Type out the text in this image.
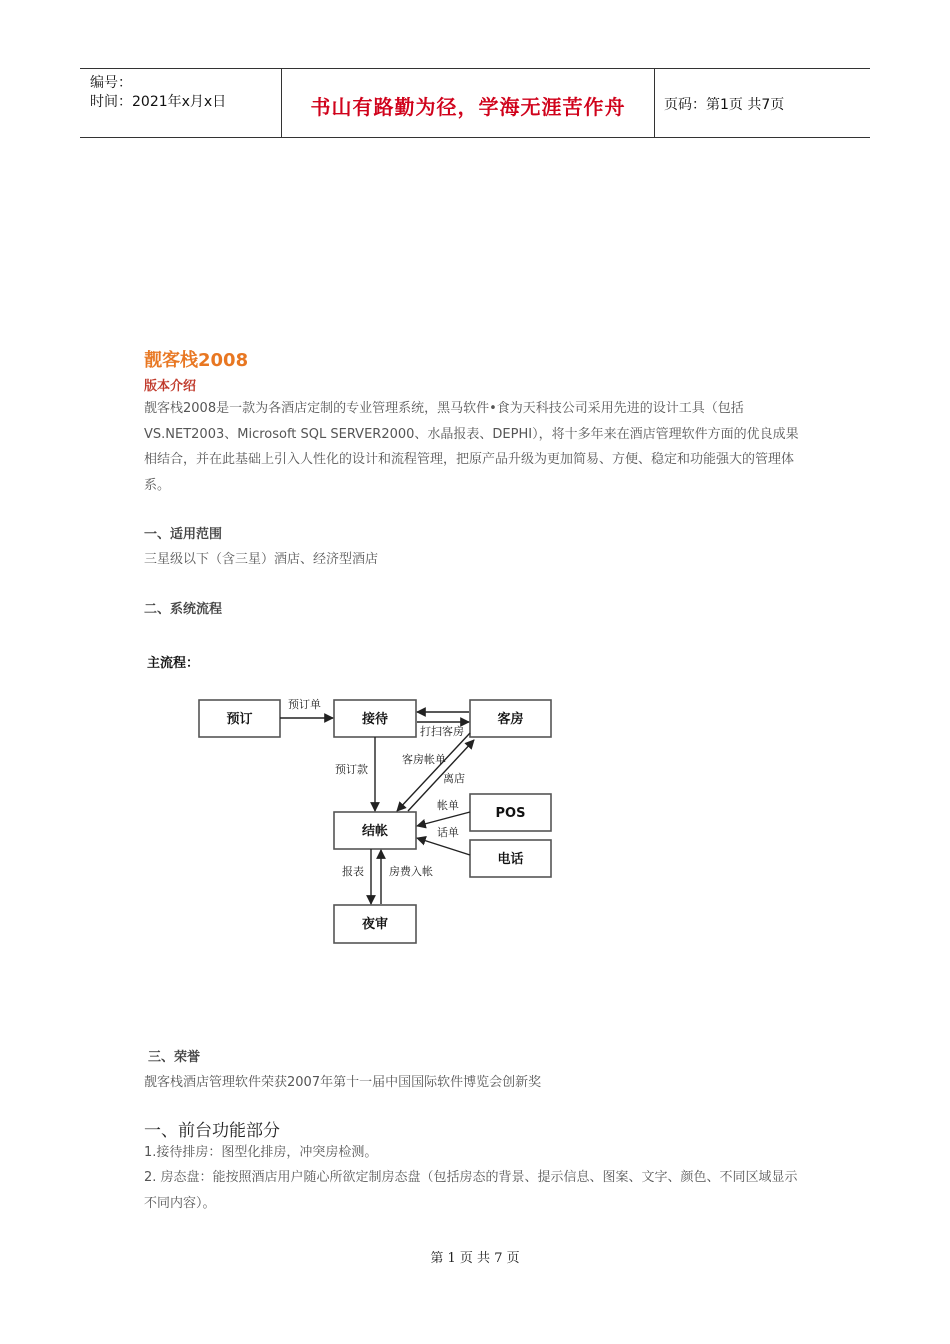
编号：
时间：2021年x月x日	书山有路勤为径，学海无涯苦作舟	页码：第1页 共7页
靓客栈2008
版本介绍
靓客栈2008是一款为各酒店定制的专业管理系统，黑马软件•食为天科技公司采用先进的设计工具（包括VS.NET2003、Microsoft SQL SERVER2000、水晶报表、DEPHI），将十多年来在酒店管理软件方面的优良成果相结合，并在此基础上引入人性化的设计和流程管理，把原产品升级为更加简易、方便、稳定和功能强大的管理体系。
一、适用范围
三星级以下（含三星）酒店、经济型酒店
二、系统流程
主流程：
预订	接待	客房
结帐
POS
电话
夜审
预订单
打扫客房
预订款
客房帐单
离店
帐单
话单
报表 房费入帐
三、荣誉
靓客栈酒店管理软件荣获2007年第十一届中国国际软件博览会创新奖
一、前台功能部分
1.接待排房：图型化排房，冲突房检测。
2. 房态盘：能按照酒店用户随心所欲定制房态盘（包括房态的背景、提示信息、图案、文字、颜色、不同区域显示不同内容）。
第 1 页 共 7 页
